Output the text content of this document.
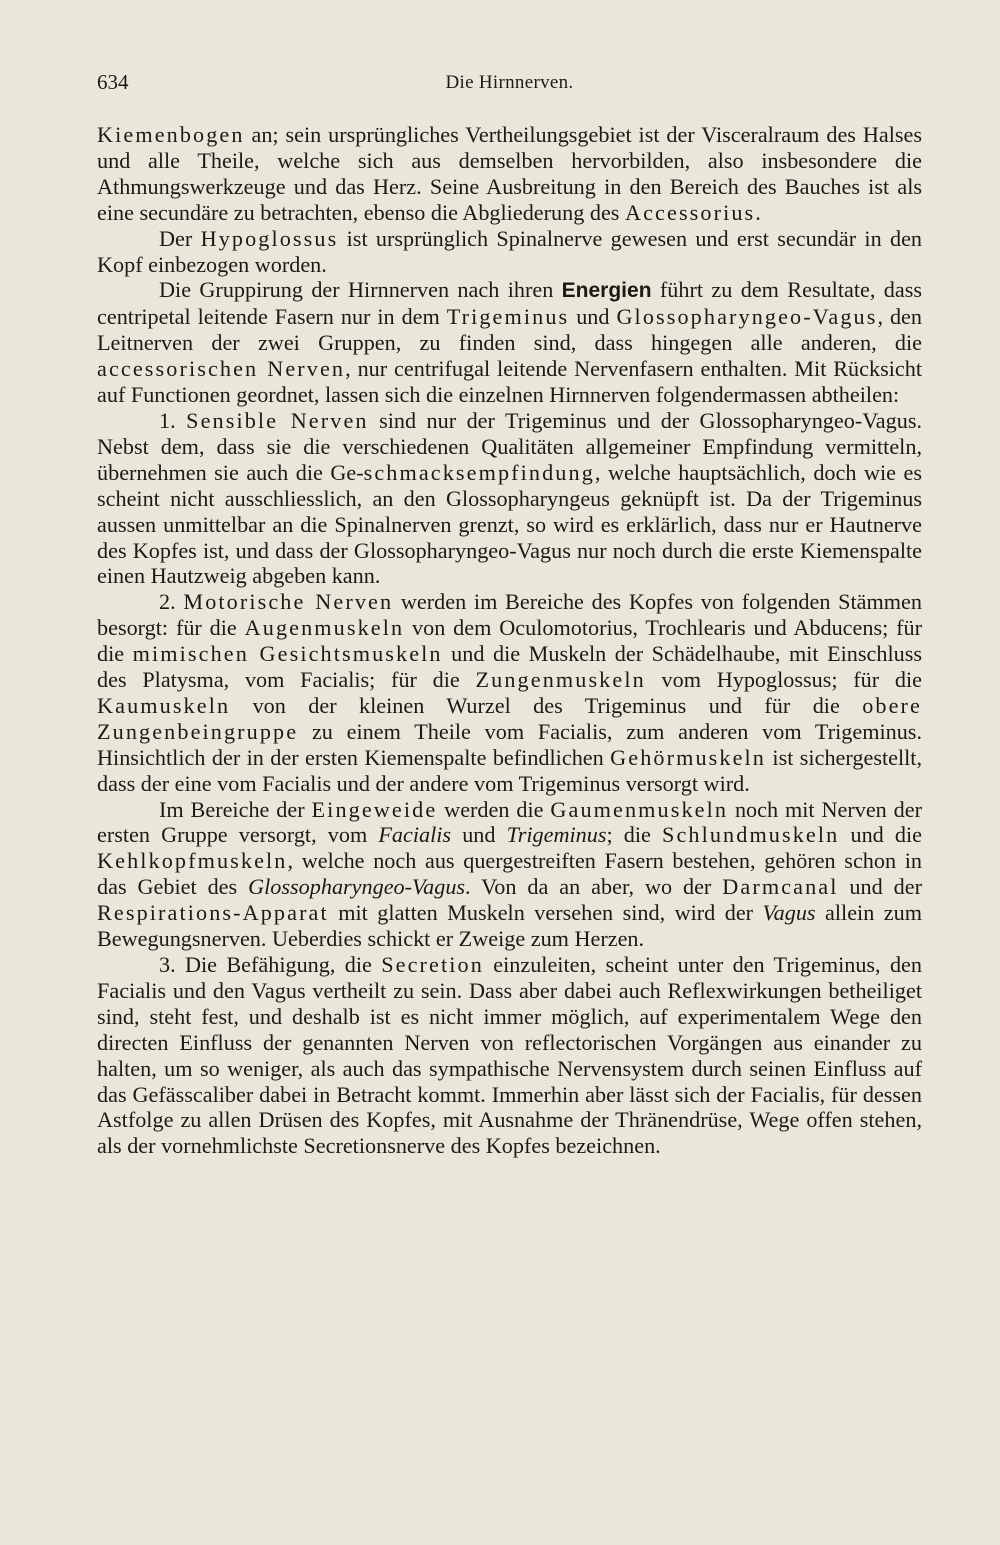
634	Die Hirnnerven.

Kiemenbogen an; sein ursprüngliches Vertheilungsgebiet ist der Visceralraum des Halses und alle Theile, welche sich aus demselben hervorbilden, also insbesondere die Athmungswerkzeuge und das Herz. Seine Ausbreitung in den Bereich des Bauches ist als eine secundäre zu betrachten, ebenso die Abgliederung des Accessorius.

Der Hypoglossus ist ursprünglich Spinalnerve gewesen und erst secundär in den Kopf einbezogen worden.

Die Gruppirung der Hirnnerven nach ihren Energien führt zu dem Resultate, dass centripetal leitende Fasern nur in dem Trigeminus und Glossopharyngeo-Vagus, den Leitnerven der zwei Gruppen, zu finden sind, dass hingegen alle anderen, die accessorischen Nerven, nur centrifugal leitende Nervenfasern enthalten. Mit Rücksicht auf Functionen geordnet, lassen sich die einzelnen Hirnnerven folgendermassen abtheilen:

1. Sensible Nerven sind nur der Trigeminus und der Glossopharyngeo-Vagus. Nebst dem, dass sie die verschiedenen Qualitäten allgemeiner Empfindung vermitteln, übernehmen sie auch die Ge-schmacksempfindung, welche hauptsächlich, doch wie es scheint nicht ausschliesslich, an den Glossopharyngeus geknüpft ist. Da der Trigeminus aussen unmittelbar an die Spinalnerven grenzt, so wird es erklärlich, dass nur er Hautnerve des Kopfes ist, und dass der Glossopharyngeo-Vagus nur noch durch die erste Kiemenspalte einen Hautzweig abgeben kann.

2. Motorische Nerven werden im Bereiche des Kopfes von folgenden Stämmen besorgt: für die Augenmuskeln von dem Oculomotorius, Trochlearis und Abducens; für die mimischen Gesichtsmuskeln und die Muskeln der Schädelhaube, mit Einschluss des Platysma, vom Facialis; für die Zungenmuskeln vom Hypoglossus; für die Kaumuskeln von der kleinen Wurzel des Trigeminus und für die obere Zungenbeingruppe zu einem Theile vom Facialis, zum anderen vom Trigeminus. Hinsichtlich der in der ersten Kiemenspalte befindlichen Gehörmuskeln ist sichergestellt, dass der eine vom Facialis und der andere vom Trigeminus versorgt wird.

Im Bereiche der Eingeweide werden die Gaumenmuskeln noch mit Nerven der ersten Gruppe versorgt, vom Facialis und Trigeminus; die Schlundmuskeln und die Kehlkopfmuskeln, welche noch aus quergestreiften Fasern bestehen, gehören schon in das Gebiet des Glossopharyngeo-Vagus. Von da an aber, wo der Darmcanal und der Respirations-Apparat mit glatten Muskeln versehen sind, wird der Vagus allein zum Bewegungsnerven. Ueberdies schickt er Zweige zum Herzen.

3. Die Befähigung, die Secretion einzuleiten, scheint unter den Trigeminus, den Facialis und den Vagus vertheilt zu sein. Dass aber dabei auch Reflexwirkungen betheiliget sind, steht fest, und deshalb ist es nicht immer möglich, auf experimentalem Wege den directen Einfluss der genannten Nerven von reflectorischen Vorgängen aus einander zu halten, um so weniger, als auch das sympathische Nervensystem durch seinen Einfluss auf das Gefässcaliber dabei in Betracht kommt. Immerhin aber lässt sich der Facialis, für dessen Astfolge zu allen Drüsen des Kopfes, mit Ausnahme der Thränendrüse, Wege offen stehen, als der vornehmlichste Secretionsnerve des Kopfes bezeichnen.
